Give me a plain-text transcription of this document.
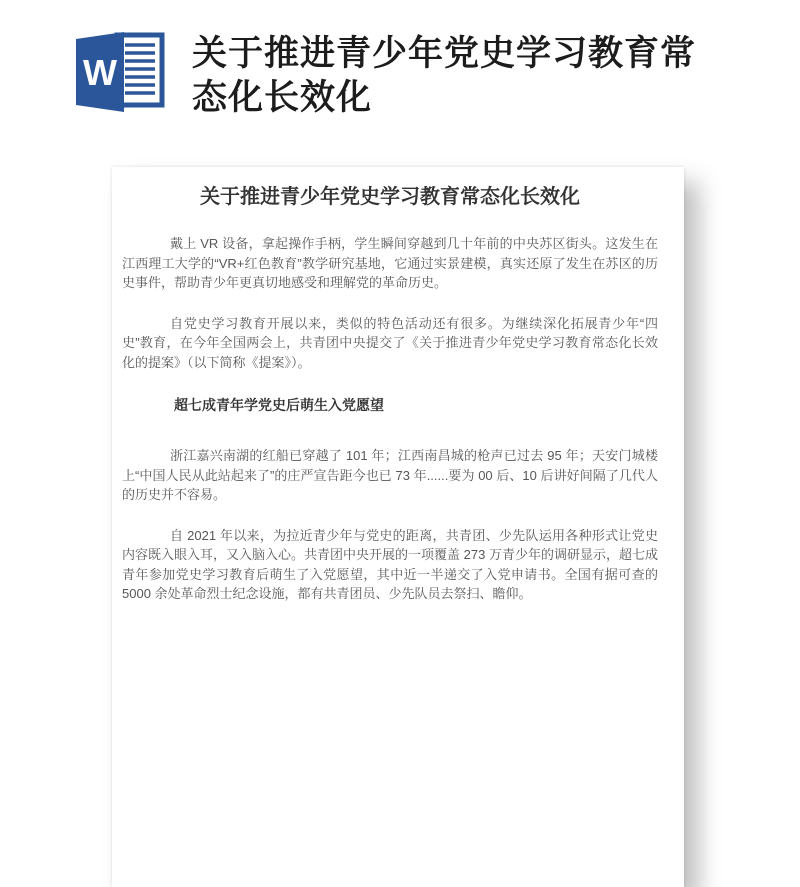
W 关于推进青少年党史学习教育常态化长效化
关于推进青少年党史学习教育常态化长效化

戴上 VR 设备，拿起操作手柄，学生瞬间穿越到几十年前的中央苏区街头。这发生在江西理工大学的“VR+红色教育”教学研究基地，它通过实景建模，真实还原了发生在苏区的历史事件，帮助青少年更真切地感受和理解党的革命历史。

自党史学习教育开展以来，类似的特色活动还有很多。为继续深化拓展青少年“四史”教育，在今年全国两会上，共青团中央提交了《关于推进青少年党史学习教育常态化长效化的提案》（以下简称《提案》）。

超七成青年学党史后萌生入党愿望

浙江嘉兴南湖的红船已穿越了 101 年；江西南昌城的枪声已过去 95 年；天安门城楼上“中国人民从此站起来了”的庄严宣告距今也已 73 年......要为 00 后、10 后讲好间隔了几代人的历史并不容易。

自 2021 年以来，为拉近青少年与党史的距离，共青团、少先队运用各种形式让党史内容既入眼入耳，又入脑入心。共青团中央开展的一项覆盖 273 万青少年的调研显示，超七成青年参加党史学习教育后萌生了入党愿望，其中近一半递交了入党申请书。全国有据可查的 5000 余处革命烈士纪念设施，都有共青团员、少先队员去祭扫、瞻仰。
